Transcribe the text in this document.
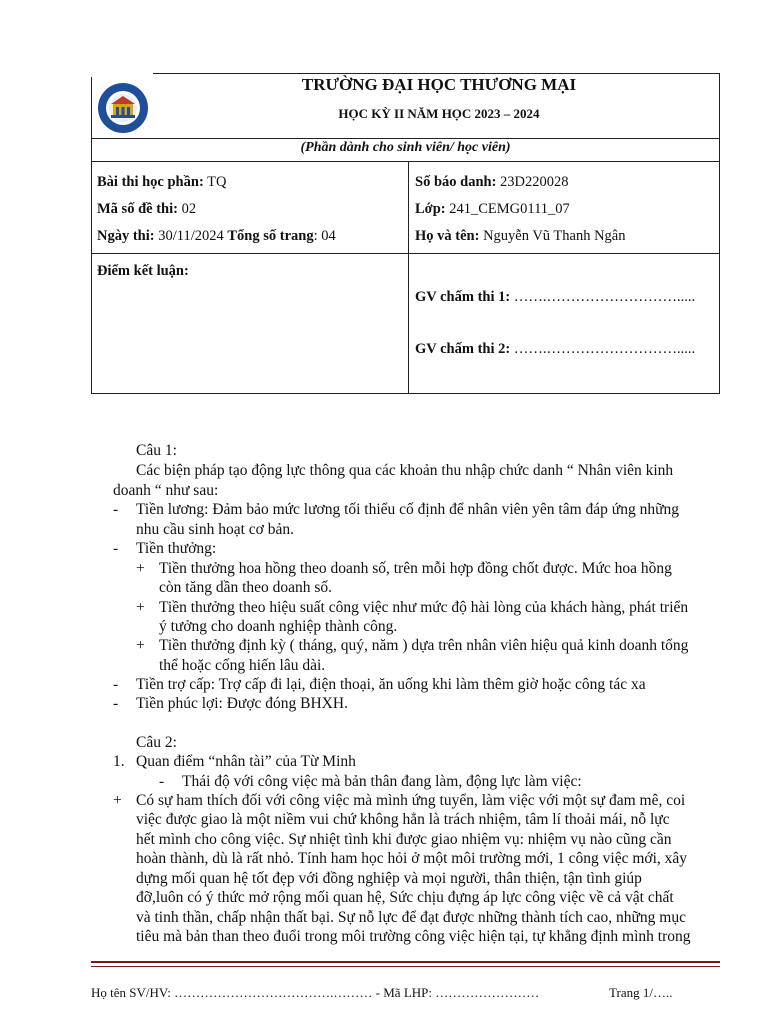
TRƯỜNG ĐẠI HỌC THƯƠNG MẠI
HỌC KỲ II NĂM HỌC 2023 – 2024
(Phần dành cho sinh viên/ học viên)
Bài thi học phần: TQ
Mã số đề thi: 02
Ngày thi: 30/11/2024 Tổng số trang: 04
Số báo danh: 23D220028
Lớp: 241_CEMG0111_07
Họ và tên: Nguyễn Vũ Thanh Ngân
Điểm kết luận:
GV chấm thi 1: …….……………………….....
GV chấm thi 2: …….……………………….....
Câu 1:
Các biện pháp tạo động lực thông qua các khoản thu nhập chức danh “ Nhân viên kinh
doanh “ như sau:
- Tiền lương: Đảm bảo mức lương tối thiểu cố định để nhân viên yên tâm đáp ứng những
nhu cầu sinh hoạt cơ bản.
- Tiền thưởng:
+ Tiền thưởng hoa hồng theo doanh số, trên mỗi hợp đồng chốt được. Mức hoa hồng
còn tăng dần theo doanh số.
+ Tiền thưởng theo hiệu suất công việc như mức độ hài lòng của khách hàng, phát triển
ý tưởng cho doanh nghiệp thành công.
+ Tiền thưởng định kỳ ( tháng, quý, năm ) dựa trên nhân viên hiệu quả kinh doanh tổng
thể hoặc cống hiến lâu dài.
- Tiền trợ cấp: Trợ cấp đi lại, điện thoại, ăn uống khi làm thêm giờ hoặc công tác xa
- Tiền phúc lợi: Được đóng BHXH.
Câu 2:
1. Quan điểm “nhân tài” của Từ Minh
- Thái độ với công việc mà bản thân đang làm, động lực làm việc:
+ Có sự ham thích đối với công việc mà mình ứng tuyển, làm việc với một sự đam mê, coi
việc được giao là một niềm vui chứ không hẳn là trách nhiệm, tâm lí thoải mái, nỗ lực
hết mình cho công việc. Sự nhiệt tình khi được giao nhiệm vụ: nhiệm vụ nào cũng cần
hoàn thành, dù là rất nhỏ. Tính ham học hỏi ở một môi trường mới, 1 công việc mới, xây
dựng mối quan hệ tốt đẹp với đồng nghiệp và mọi người, thân thiện, tận tình giúp
đỡ,luôn có ý thức mở rộng mối quan hệ, Sức chịu đựng áp lực công việc về cả vật chất
và tinh thần, chấp nhận thất bại. Sự nỗ lực để đạt được những thành tích cao, những mục
tiêu mà bản than theo đuổi trong môi trường công việc hiện tại, tự khẳng định mình trong
Họ tên SV/HV: ……………………………….……… - Mã LHP: ……………………	Trang 1/…..
